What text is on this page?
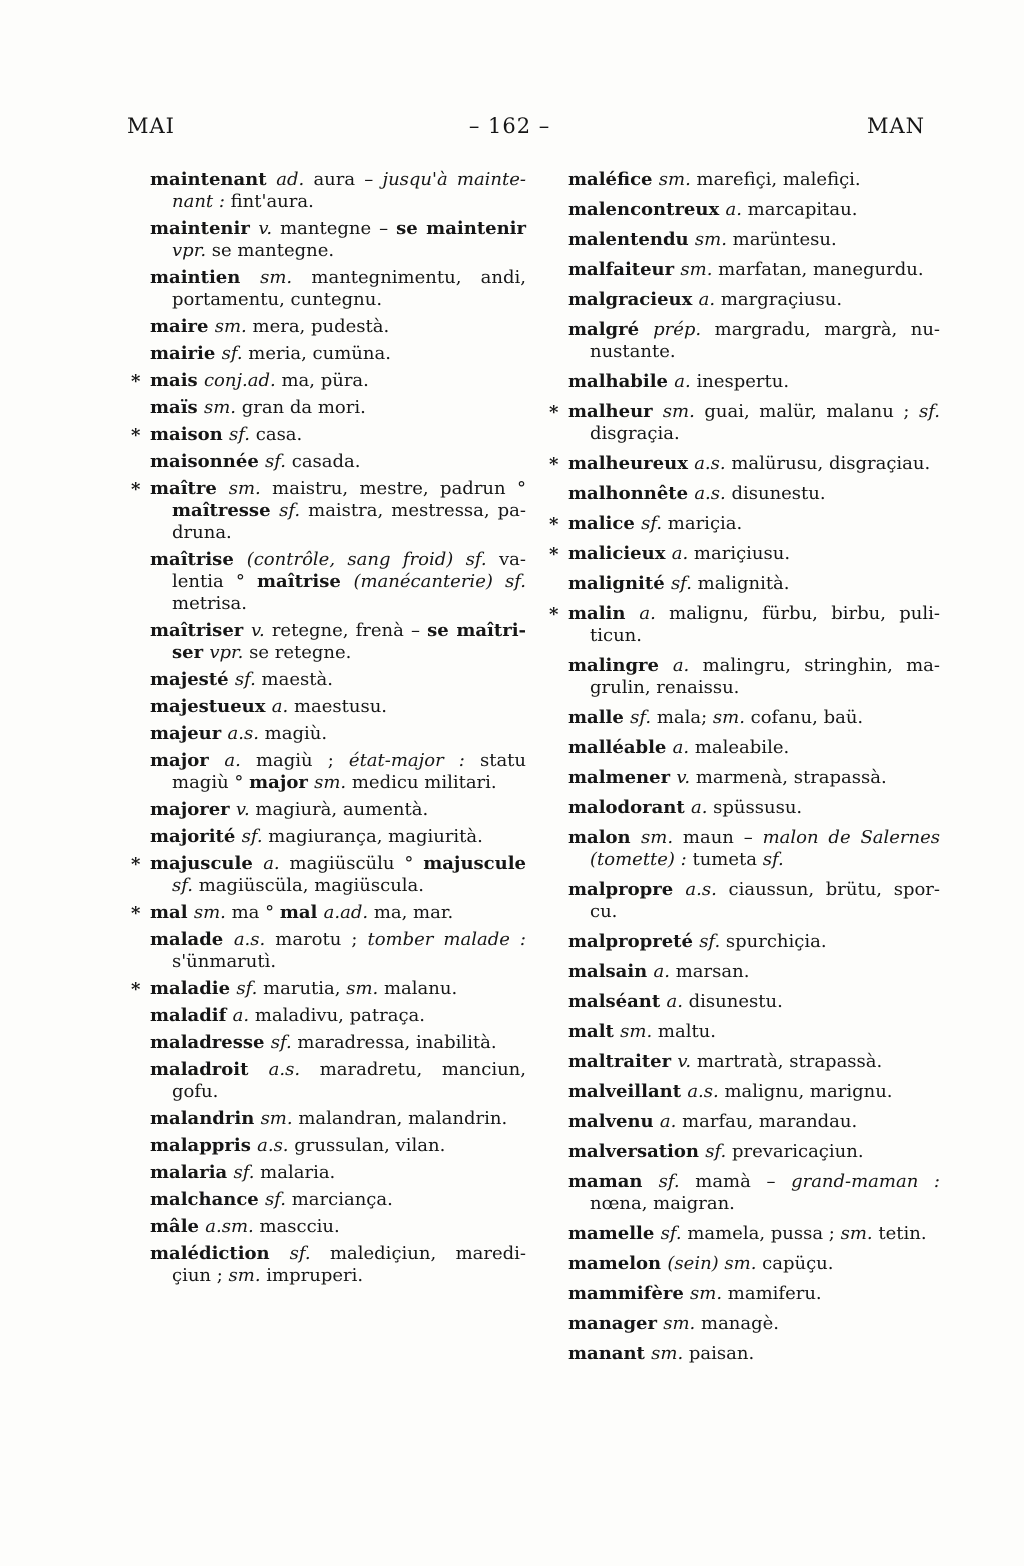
MAI	– 162 –	MAN
maintenant ad. aura – jusqu'à mainte-
nant : fint'aura.
maintenir v. mantegne – se maintenir
vpr. se mantegne.
maintien sm. mantegnimentu, andi,
portamentu, cuntegnu.
maire sm. mera, pudestà.
mairie sf. meria, cumüna.
* mais conj.ad. ma, püra.
maïs sm. gran da mori.
* maison sf. casa.
maisonnée sf. casada.
* maître sm. maistru, mestre, padrun °
maîtresse sf. maistra, mestressa, pa-
druna.
maîtrise (contrôle, sang froid) sf. va-
lentia ° maîtrise (manécanterie) sf.
metrisa.
maîtriser v. retegne, frenà – se maîtri-
ser vpr. se retegne.
majesté sf. maestà.
majestueux a. maestusu.
majeur a.s. magiù.
major a. magiù ; état-major : statu
magiù ° major sm. medicu militari.
majorer v. magiurà, aumentà.
majorité sf. magiurança, magiurità.
* majuscule a. magiüscülu ° majuscule
sf. magiüscüla, magiüscula.
* mal sm. ma ° mal a.ad. ma, mar.
malade a.s. marotu ; tomber malade :
s'ünmarutì.
* maladie sf. marutia, sm. malanu.
maladif a. maladivu, patraça.
maladresse sf. maradressa, inabilità.
maladroit a.s. maradretu, manciun,
gofu.
malandrin sm. malandran, malandrin.
malappris a.s. grussulan, vilan.
malaria sf. malaria.
malchance sf. marciança.
mâle a.sm. mascciu.
malédiction sf. malediçiun, maredi-
çiun ; sm. impruperi.
maléfice sm. marefiçi, malefiçi.
malencontreux a. marcapitau.
malentendu sm. marüntesu.
malfaiteur sm. marfatan, manegurdu.
malgracieux a. margraçiusu.
malgré prép. margradu, margrà, nu-
nustante.
malhabile a. inespertu.
* malheur sm. guai, malür, malanu ; sf.
disgraçia.
* malheureux a.s. malürusu, disgraçiau.
malhonnête a.s. disunestu.
* malice sf. mariçia.
* malicieux a. mariçiusu.
malignité sf. malignità.
* malin a. malignu, fürbu, birbu, puli-
ticun.
malingre a. malingru, stringhin, ma-
grulin, renaissu.
malle sf. mala; sm. cofanu, baü.
malléable a. maleabile.
malmener v. marmenà, strapassà.
malodorant a. spüssusu.
malon sm. maun – malon de Salernes
(tomette) : tumeta sf.
malpropre a.s. ciaussun, brütu, spor-
cu.
malpropreté sf. spurchiçia.
malsain a. marsan.
malséant a. disunestu.
malt sm. maltu.
maltraiter v. martratà, strapassà.
malveillant a.s. malignu, marignu.
malvenu a. marfau, marandau.
malversation sf. prevaricaçiun.
maman sf. mamà – grand-maman :
nœna, maigran.
mamelle sf. mamela, pussa ; sm. tetin.
mamelon (sein) sm. capüçu.
mammifère sm. mamiferu.
manager sm. managè.
manant sm. paisan.
